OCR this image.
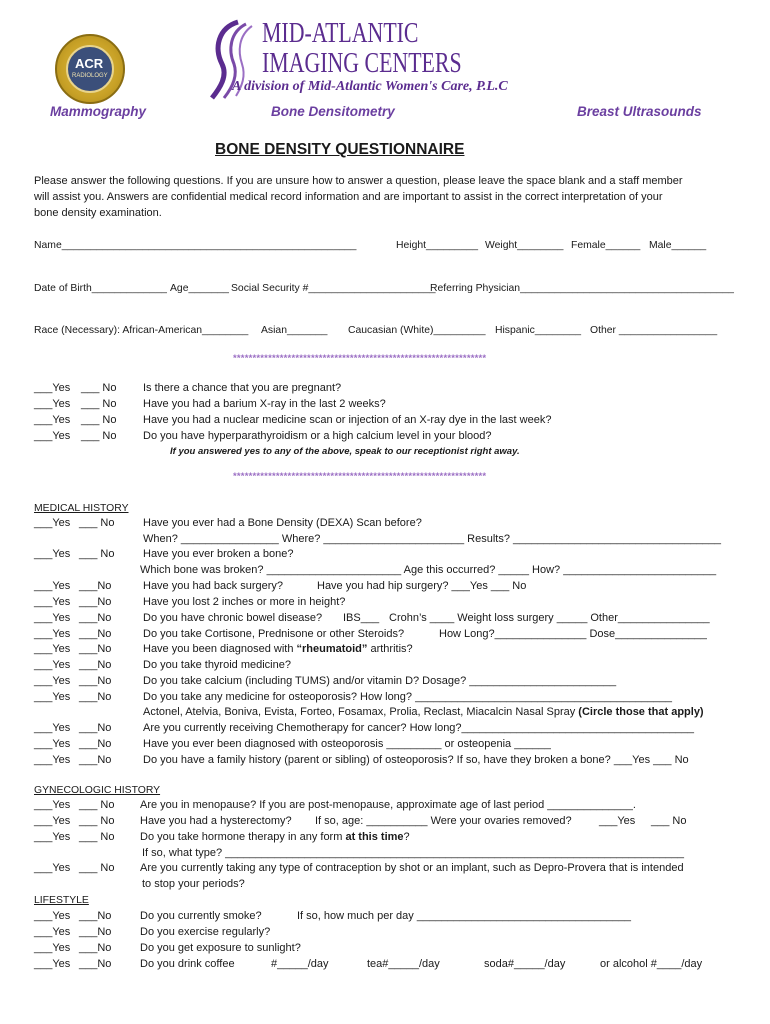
ACR
RADIOLOGY
MID-ATLANTIC
IMAGING CENTERS
A division of Mid-Atlantic Women's Care, P.L.C
Mammography	Bone Densitometry	Breast Ultrasounds
BONE DENSITY QUESTIONNAIRE
Please answer the following questions. If you are unsure how to answer a question, please leave the space blank and a staff member
will assist you. Answers are confidential medical record information and are important to assist in the correct interpretation of your
bone density examination.
Name___________________________________________________	Height_________ Weight________ Female______ Male______
Date of Birth_____________ Age_______ Social Security #______________________
Referring Physician_____________________________________
Race (Necessary): African-American________ Asian_______ Caucasian (White)_________ Hispanic________ Other _________________
*****************************************************************
___Yes ___ No Is there a chance that you are pregnant?
___Yes ___ No Have you had a barium X-ray in the last 2 weeks?
___Yes ___ No Have you had a nuclear medicine scan or injection of an X-ray dye in the last week?
___Yes ___ No Do you have hyperparathyroidism or a high calcium level in your blood?
If you answered yes to any of the above, speak to our receptionist right away.
*****************************************************************
MEDICAL HISTORY
___Yes ___ No	Have you ever had a Bone Density (DEXA) Scan before?
When? ________________ Where? _______________________ Results? __________________________________
___Yes ___ No	Have you ever broken a bone?
Which bone was broken? ______________________ Age this occurred? _____ How? _________________________
___Yes ___No	Have you had back surgery?	Have you had hip surgery? ___Yes ___ No
___Yes ___No	Have you lost 2 inches or more in height?
___Yes ___No	Do you have chronic bowel disease? IBS___ Crohn’s ____ Weight loss surgery _____ Other_______________
___Yes ___No	Do you take Cortisone, Prednisone or other Steroids?	How Long?_______________ Dose_______________
___Yes ___No	Have you been diagnosed with “rheumatoid” arthritis?
___Yes ___No	Do you take thyroid medicine?
___Yes ___No	Do you take calcium (including TUMS) and/or vitamin D? Dosage? ________________________
___Yes ___No	Do you take any medicine for osteoporosis? How long? __________________________________________
Actonel, Atelvia, Boniva, Evista, Forteo, Fosamax, Prolia, Reclast, Miacalcin Nasal Spray (Circle those that apply)
___Yes ___No	Are you currently receiving Chemotherapy for cancer? How long?______________________________________
___Yes ___No	Have you ever been diagnosed with osteoporosis _________ or osteopenia ______
___Yes ___No	Do you have a family history (parent or sibling) of osteoporosis? If so, have they broken a bone? ___Yes ___ No
GYNECOLOGIC HISTORY
___Yes ___ No Are you in menopause? If you are post-menopause, approximate age of last period ______________.
___Yes ___ No Have you had a hysterectomy? If so, age: __________ Were your ovaries removed? ___Yes ___ No
___Yes ___ No Do you take hormone therapy in any form at this time?
If so, what type? ___________________________________________________________________________
___Yes ___ No Are you currently taking any type of contraception by shot or an implant, such as Depro-Provera that is intended
to stop your periods?
LIFESTYLE
___Yes ___No	Do you currently smoke?	If so, how much per day ___________________________________
___Yes ___No	Do you exercise regularly?
___Yes ___No	Do you get exposure to sunlight?
___Yes ___No	Do you drink coffee	#_____/day	tea#_____/day	soda#_____/day	or alcohol #____/day
